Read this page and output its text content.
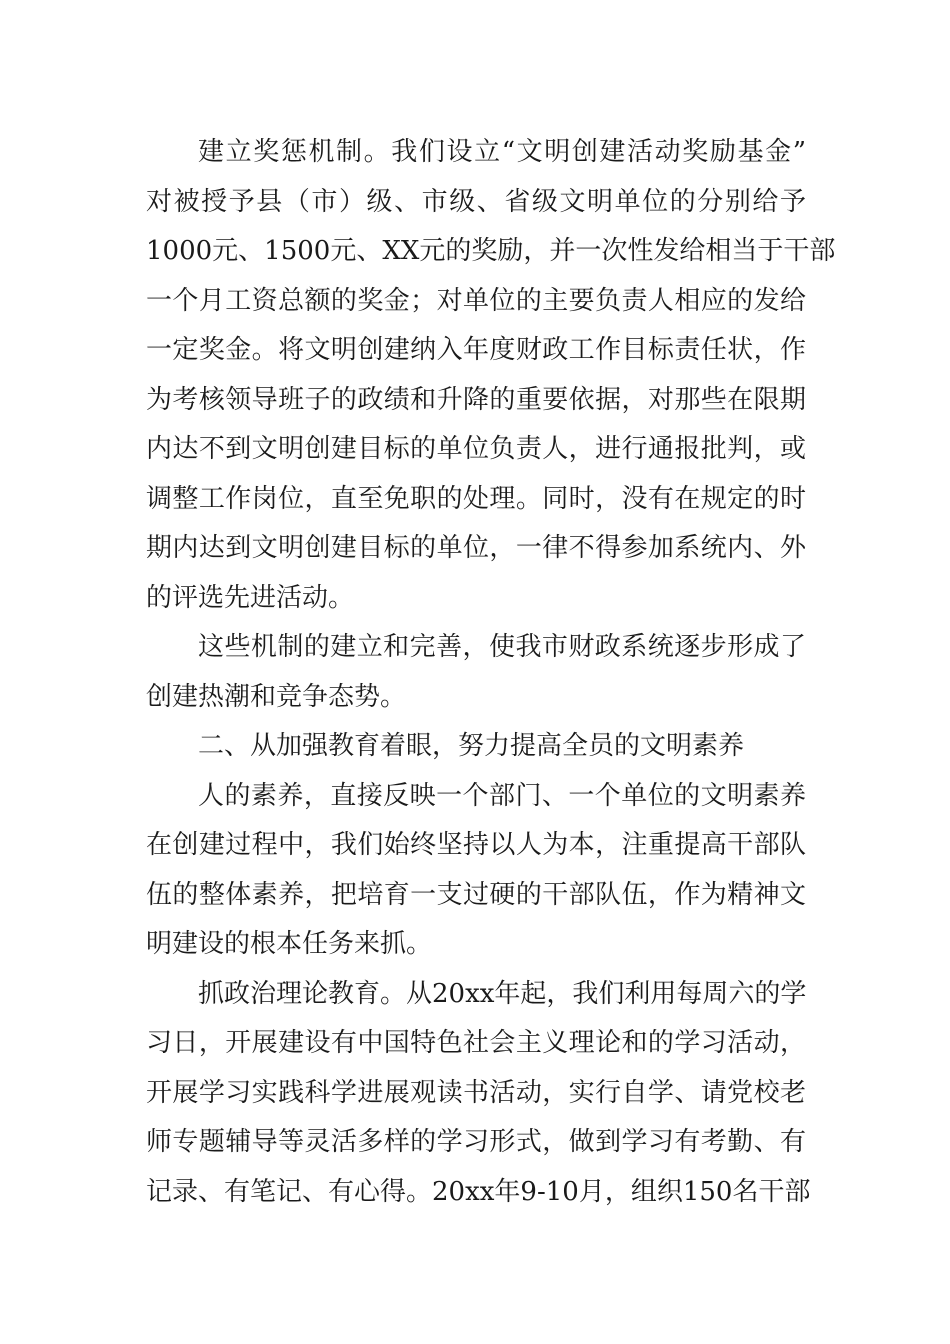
建立奖惩机制。我们设立“文明创建活动奖励基金”
对被授予县（市）级、市级、省级文明单位的分别给予
1000元、1500元、XX元的奖励，并一次性发给相当于干部
一个月工资总额的奖金；对单位的主要负责人相应的发给
一定奖金。将文明创建纳入年度财政工作目标责任状，作
为考核领导班子的政绩和升降的重要依据，对那些在限期
内达不到文明创建目标的单位负责人，进行通报批判，或
调整工作岗位，直至免职的处理。同时，没有在规定的时
期内达到文明创建目标的单位，一律不得参加系统内、外
的评选先进活动。
这些机制的建立和完善，使我市财政系统逐步形成了
创建热潮和竞争态势。
二、从加强教育着眼，努力提高全员的文明素养
人的素养，直接反映一个部门、一个单位的文明素养
在创建过程中，我们始终坚持以人为本，注重提高干部队
伍的整体素养，把培育一支过硬的干部队伍，作为精神文
明建设的根本任务来抓。
抓政治理论教育。从20xx年起，我们利用每周六的学
习日，开展建设有中国特色社会主义理论和的学习活动，
开展学习实践科学进展观读书活动，实行自学、请党校老
师专题辅导等灵活多样的学习形式，做到学习有考勤、有
记录、有笔记、有心得。20xx年9-10月，组织150名干部
